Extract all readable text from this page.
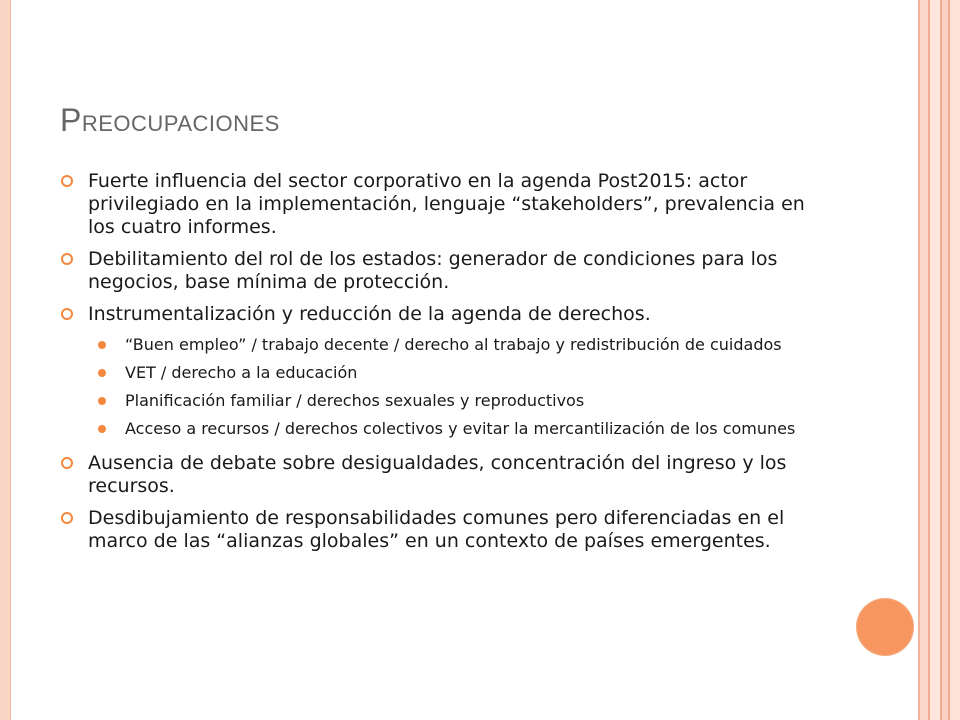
Preocupaciones
Fuerte influencia del sector corporativo en la agenda Post2015: actor privilegiado en la implementación, lenguaje “stakeholders”, prevalencia en los cuatro informes.
Debilitamiento del rol de los estados: generador de condiciones para los negocios, base mínima de protección.
Instrumentalización y reducción de la agenda de derechos.
“Buen empleo” / trabajo decente / derecho al trabajo y redistribución de cuidados
VET / derecho a la educación
Planificación familiar / derechos sexuales y reproductivos
Acceso a recursos / derechos colectivos y evitar la mercantilización de los comunes
Ausencia de debate sobre desigualdades, concentración del ingreso y los recursos.
Desdibujamiento de responsabilidades comunes pero diferenciadas en el marco de las “alianzas globales” en un contexto de países emergentes.
